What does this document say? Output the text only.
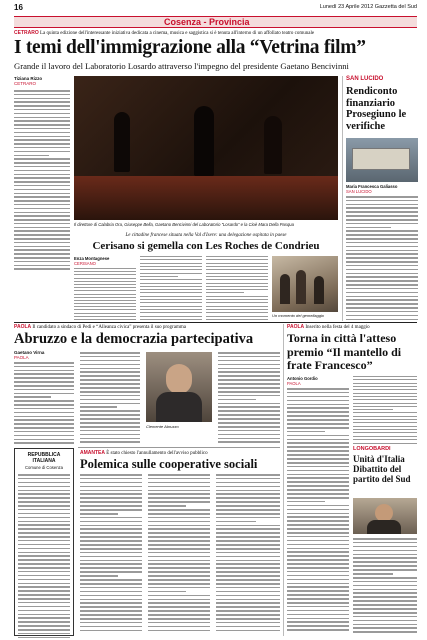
16	Lunedì 23 Aprile 2012 Gazzetta del Sud
Cosenza - Provincia
CETRARO La quinta edizione dell'interessante iniziativa dedicata a cinema, musica e saggistica si è tenuta all'interno di un affollato teatro comunale
I temi dell'immigrazione alla “Vetrina film”
Grande il lavoro del Laboratorio Losardo attraverso l'impegno del presidente Gaetano Bencivinni
Tiziana Rizzo
CETRARO
Il direttore di Calabria Ora, Giuseppe Bella, Gaetano Bencivinni del Laboratorio “Losardo” e la Cioè Mara Della Pasqua
SAN LUCIDO
Rendiconto finanziario Prosegiuno le verifiche
Maria Francesca Galiasso
SAN LUCIDO
Le cittadine francese situata nella Val d'Isere: una delegazione ospitata in paese
Cerisano si gemella con Les Roches de Condrieu
Enza Montagnese
CERISANO
Un momento del gemellaggio
PAOLA Il candidato a sindaco di Pedi e “Alleanza civica” presenta il suo programma
Abruzzo e la democrazia partecipativa
Gaetano Virna
PAOLA
Clemente Abruzzo
REPUBBLICA ITALIANA
Comune di Cosenza
AMANTEA È stato chiesto l'annullamento dell'avviso pubblico
Polemica sulle cooperative sociali
PAOLA Inserito nella festa del 4 maggio
Torna in città l'atteso premio “Il mantello di frate Francesco”
Antonio Gordio
PAOLA
LONGOBARDI
Unità d'Italia Dibattito del partito del Sud
